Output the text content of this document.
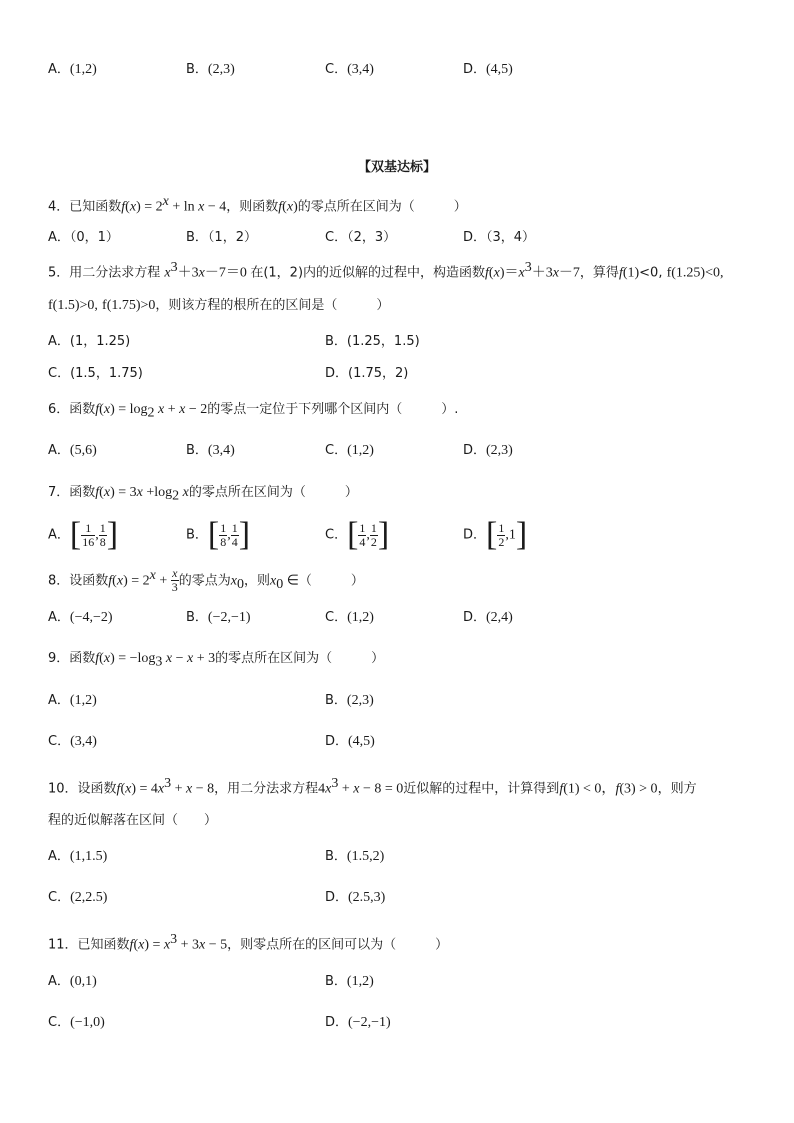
A．(1,2)	B．(2,3)	C．(3,4)	D．(4,5)
【双基达标】
4．已知函数$f(x) = 2^x + \ln x - 4$，则函数f(x)的零点所在区间为（　　　）
A．（0，1）	B．（1，2）	C．（2，3）	D．（3，4）
5．用二分法求方程 $x^3+3x-7=0$ 在(1，2)内的近似解的过程中，构造函数$f(x)=x^3+3x-7$，算得f(1)<0, f(1.25)<0,
f(1.5)>0, f(1.75)>0，则该方程的根所在的区间是（　　　）
A．(1，1.25)	B．(1.25，1.5)
C．(1.5，1.75)	D．(1.75，2)
6．函数$f(x) = \log_2 x + x - 2$的零点一定位于下列哪个区间内（　　　）.
A．(5,6)	B．(3,4)	C．(1,2)	D．(2,3)
7．函数$f(x) = 3x +\log_2$ x的零点所在区间为（　　　）
A．[ $\frac{1}{16}$ , $\frac{1}{8}$ ]	B．[ $\frac{1}{8}$ , $\frac{1}{4}$ ]	C．[ $\frac{1}{4}$ , $\frac{1}{2}$ ]	D．[ $\frac{1}{2} ,1$]
8．设函数$f(x) = 2^x + \frac{x}{3}$ 的零点为$x_0$，则$x_0$ ∈（　　　）
A．(−4,−2)	B．(−2,−1)	C．(1,2)	D．(2,4)
9．函数$f(x) = -\log_3$ x − x + 3的零点所在区间为（　　　）
A．(1,2)	B．(2,3)
C．(3,4)	D．(4,5)
10．设函数$f(x) = 4x^3 + x - 8$，用二分法求方程$4x^3 + x - 8 = 0$近似解的过程中，计算得到f(1) < 0，f(3) > 0，则方
程的近似解落在区间（　　）
A．(1,1.5)	B．(1.5,2)
C．(2,2.5)	D．(2.5,3)
11．已知函数$f(x) = x^3 + 3x - 5$，则零点所在的区间可以为（　　　）
A．(0,1)	B．(1,2)
C．(−1,0)	D．(−2,−1)
